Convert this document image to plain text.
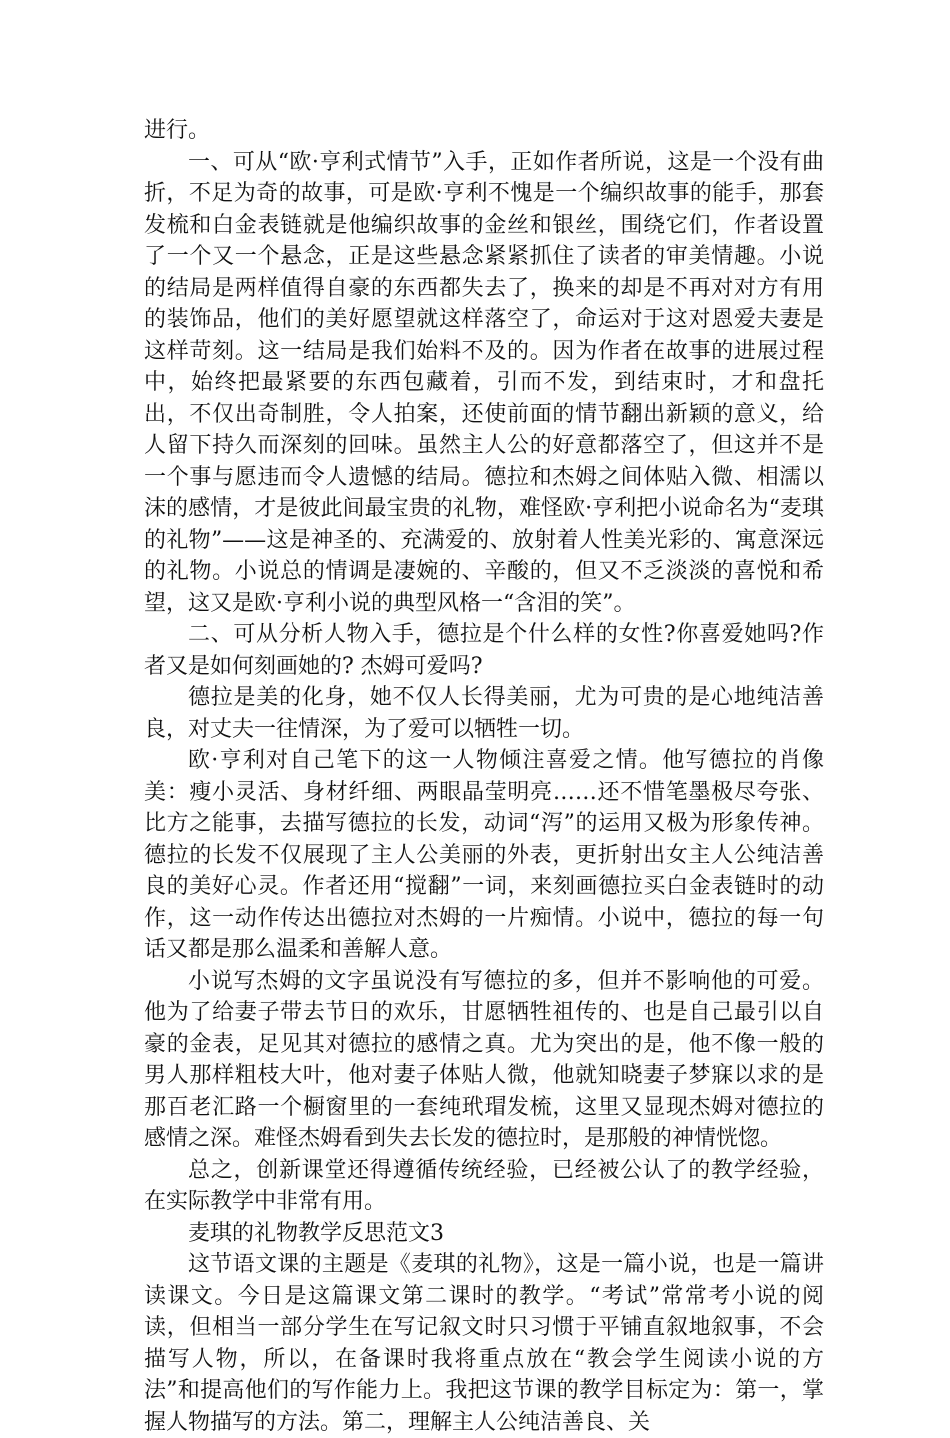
进行。

一、可从“欧·亨利式情节”入手，正如作者所说，这是一个没有曲折，不足为奇的故事，可是欧·亨利不愧是一个编织故事的能手，那套发梳和白金表链就是他编织故事的金丝和银丝，围绕它们，作者设置了一个又一个悬念，正是这些悬念紧紧抓住了读者的审美情趣。小说的结局是两样值得自豪的东西都失去了，换来的却是不再对对方有用的装饰品，他们的美好愿望就这样落空了，命运对于这对恩爱夫妻是这样苛刻。这一结局是我们始料不及的。因为作者在故事的进展过程中，始终把最紧要的东西包藏着，引而不发，到结束时，才和盘托出，不仅出奇制胜，令人拍案，还使前面的情节翻出新颖的意义，给人留下持久而深刻的回味。虽然主人公的好意都落空了，但这并不是一个事与愿违而令人遗憾的结局。德拉和杰姆之间体贴入微、相濡以沫的感情，才是彼此间最宝贵的礼物，难怪欧·亨利把小说命名为“麦琪的礼物”——这是神圣的、充满爱的、放射着人性美光彩的、寓意深远的礼物。小说总的情调是凄婉的、辛酸的，但又不乏淡淡的喜悦和希望，这又是欧·亨利小说的典型风格一“含泪的笑”。

二、可从分析人物入手，德拉是个什么样的女性?你喜爱她吗?作者又是如何刻画她的? 杰姆可爱吗?

德拉是美的化身，她不仅人长得美丽，尤为可贵的是心地纯洁善良，对丈夫一往情深，为了爱可以牺牲一切。

欧·亨利对自己笔下的这一人物倾注喜爱之情。他写德拉的肖像美：瘦小灵活、身材纤细、两眼晶莹明亮……还不惜笔墨极尽夸张、比方之能事，去描写德拉的长发，动词“泻”的运用又极为形象传神。德拉的长发不仅展现了主人公美丽的外表，更折射出女主人公纯洁善良的美好心灵。作者还用“搅翻”一词，来刻画德拉买白金表链时的动作，这一动作传达出德拉对杰姆的一片痴情。小说中，德拉的每一句话又都是那么温柔和善解人意。

小说写杰姆的文字虽说没有写德拉的多，但并不影响他的可爱。他为了给妻子带去节日的欢乐，甘愿牺牲祖传的、也是自己最引以自豪的金表，足见其对德拉的感情之真。尤为突出的是，他不像一般的男人那样粗枝大叶，他对妻子体贴人微，他就知晓妻子梦寐以求的是那百老汇路一个橱窗里的一套纯玳瑁发梳，这里又显现杰姆对德拉的感情之深。难怪杰姆看到失去长发的德拉时，是那般的神情恍惚。

总之，创新课堂还得遵循传统经验，已经被公认了的教学经验，在实际教学中非常有用。

麦琪的礼物教学反思范文3

这节语文课的主题是《麦琪的礼物》，这是一篇小说，也是一篇讲读课文。今日是这篇课文第二课时的教学。“考试”常常考小说的阅读，但相当一部分学生在写记叙文时只习惯于平铺直叙地叙事，不会描写人物，所以，在备课时我将重点放在“教会学生阅读小说的方法”和提高他们的写作能力上。我把这节课的教学目标定为：第一，掌握人物描写的方法。第二，理解主人公纯洁善良、关
